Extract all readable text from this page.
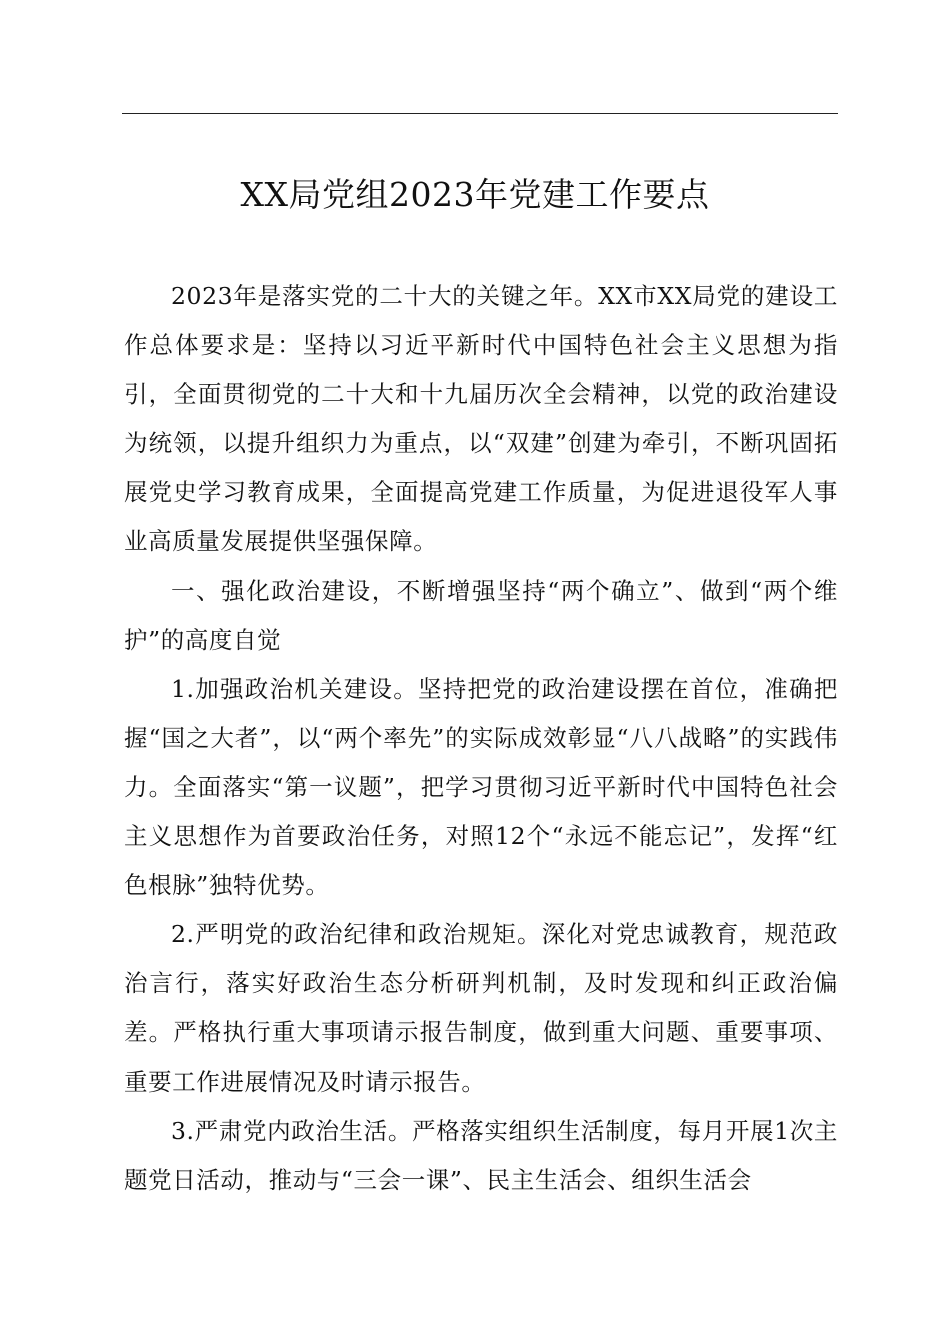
XX局党组2023年党建工作要点

2023年是落实党的二十大的关键之年。XX市XX局党的建设工作总体要求是：坚持以习近平新时代中国特色社会主义思想为指引，全面贯彻党的二十大和十九届历次全会精神，以党的政治建设为统领，以提升组织力为重点，以“双建”创建为牵引，不断巩固拓展党史学习教育成果，全面提高党建工作质量，为促进退役军人事业高质量发展提供坚强保障。

一、强化政治建设，不断增强坚持“两个确立”、做到“两个维护”的高度自觉

1.加强政治机关建设。坚持把党的政治建设摆在首位，准确把握“国之大者”，以“两个率先”的实际成效彰显“八八战略”的实践伟力。全面落实“第一议题”，把学习贯彻习近平新时代中国特色社会主义思想作为首要政治任务，对照12个“永远不能忘记”，发挥“红色根脉”独特优势。

2.严明党的政治纪律和政治规矩。深化对党忠诚教育，规范政治言行，落实好政治生态分析研判机制，及时发现和纠正政治偏差。严格执行重大事项请示报告制度，做到重大问题、重要事项、重要工作进展情况及时请示报告。

3.严肃党内政治生活。严格落实组织生活制度，每月开展1次主题党日活动，推动与“三会一课”、民主生活会、组织生活会
